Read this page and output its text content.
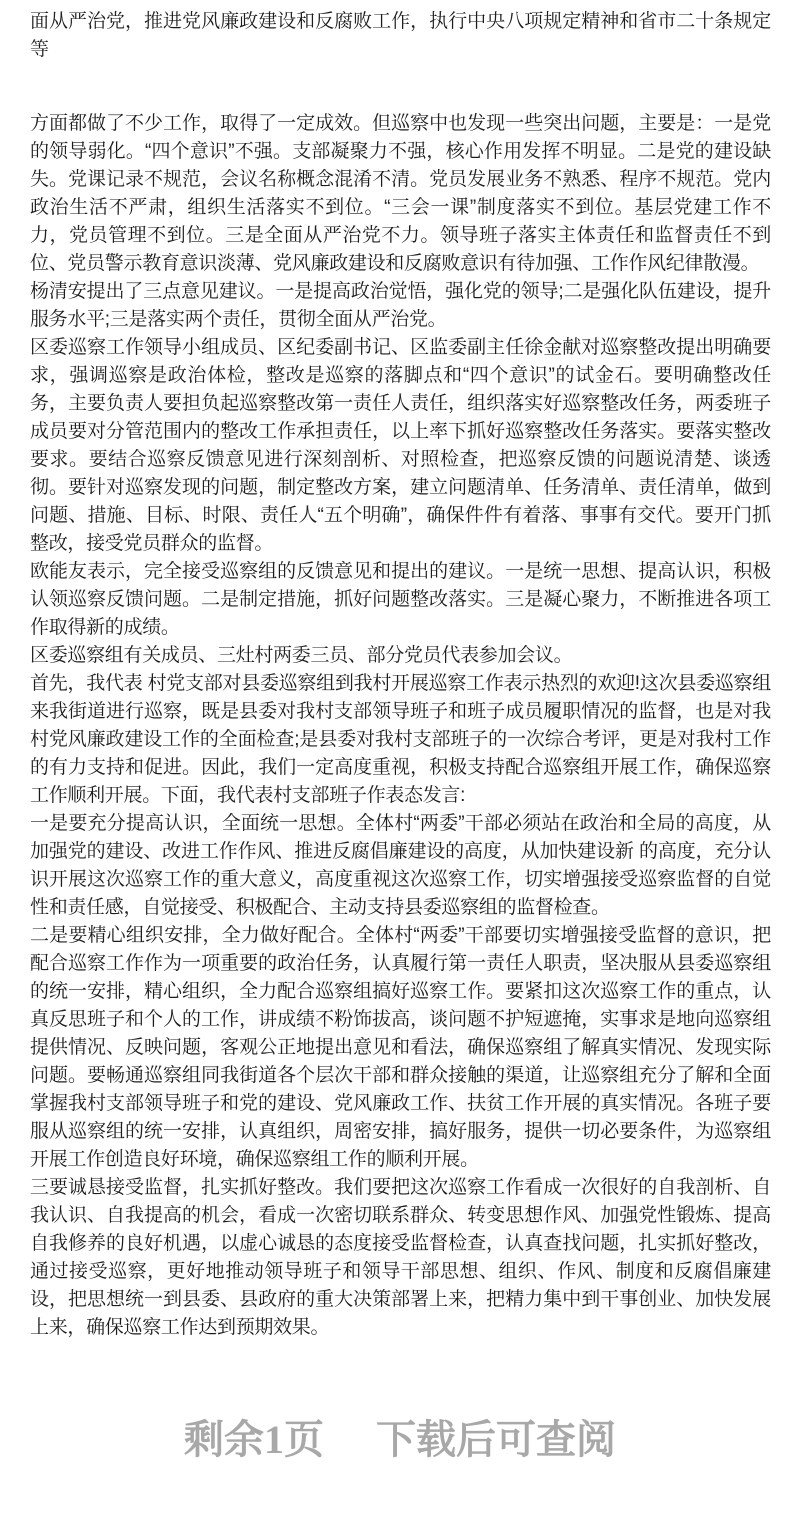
面从严治党，推进党风廉政建设和反腐败工作，执行中央八项规定精神和省市二十条规定等

方面都做了不少工作，取得了一定成效。但巡察中也发现一些突出问题，主要是：一是党的领导弱化。“四个意识”不强。支部凝聚力不强，核心作用发挥不明显。二是党的建设缺失。党课记录不规范，会议名称概念混淆不清。党员发展业务不熟悉、程序不规范。党内政治生活不严肃，组织生活落实不到位。“三会一课”制度落实不到位。基层党建工作不力，党员管理不到位。三是全面从严治党不力。领导班子落实主体责任和监督责任不到位、党员警示教育意识淡薄、党风廉政建设和反腐败意识有待加强、工作作风纪律散漫。

杨清安提出了三点意见建议。一是提高政治觉悟，强化党的领导;二是强化队伍建设，提升服务水平;三是落实两个责任，贯彻全面从严治党。

区委巡察工作领导小组成员、区纪委副书记、区监委副主任徐金献对巡察整改提出明确要求，强调巡察是政治体检，整改是巡察的落脚点和“四个意识”的试金石。要明确整改任务，主要负责人要担负起巡察整改第一责任人责任，组织落实好巡察整改任务，两委班子成员要对分管范围内的整改工作承担责任，以上率下抓好巡察整改任务落实。要落实整改要求。要结合巡察反馈意见进行深刻剖析、对照检查，把巡察反馈的问题说清楚、谈透彻。要针对巡察发现的问题，制定整改方案，建立问题清单、任务清单、责任清单，做到问题、措施、目标、时限、责任人“五个明确”，确保件件有着落、事事有交代。要开门抓整改，接受党员群众的监督。

欧能友表示，完全接受巡察组的反馈意见和提出的建议。一是统一思想、提高认识，积极认领巡察反馈问题。二是制定措施，抓好问题整改落实。三是凝心聚力，不断推进各项工作取得新的成绩。

区委巡察组有关成员、三灶村两委三员、部分党员代表参加会议。

首先，我代表 村党支部对县委巡察组到我村开展巡察工作表示热烈的欢迎!这次县委巡察组来我街道进行巡察，既是县委对我村支部领导班子和班子成员履职情况的监督，也是对我村党风廉政建设工作的全面检查;是县委对我村支部班子的一次综合考评，更是对我村工作的有力支持和促进。因此，我们一定高度重视，积极支持配合巡察组开展工作，确保巡察工作顺利开展。下面，我代表村支部班子作表态发言:

一是要充分提高认识，全面统一思想。全体村“两委”干部必须站在政治和全局的高度，从加强党的建设、改进工作作风、推进反腐倡廉建设的高度，从加快建设新 的高度，充分认识开展这次巡察工作的重大意义，高度重视这次巡察工作，切实增强接受巡察监督的自觉性和责任感，自觉接受、积极配合、主动支持县委巡察组的监督检查。

二是要精心组织安排，全力做好配合。全体村“两委”干部要切实增强接受监督的意识，把配合巡察工作作为一项重要的政治任务，认真履行第一责任人职责，坚决服从县委巡察组的统一安排，精心组织，全力配合巡察组搞好巡察工作。要紧扣这次巡察工作的重点，认真反思班子和个人的工作，讲成绩不粉饰拔高，谈问题不护短遮掩，实事求是地向巡察组提供情况、反映问题，客观公正地提出意见和看法，确保巡察组了解真实情况、发现实际问题。要畅通巡察组同我街道各个层次干部和群众接触的渠道，让巡察组充分了解和全面掌握我村支部领导班子和党的建设、党风廉政工作、扶贫工作开展的真实情况。各班子要服从巡察组的统一安排，认真组织，周密安排，搞好服务，提供一切必要条件，为巡察组开展工作创造良好环境，确保巡察组工作的顺利开展。

三要诚恳接受监督，扎实抓好整改。我们要把这次巡察工作看成一次很好的自我剖析、自我认识、自我提高的机会，看成一次密切联系群众、转变思想作风、加强党性锻炼、提高自我修养的良好机遇，以虚心诚恳的态度接受监督检查，认真查找问题，扎实抓好整改，通过接受巡察，更好地推动领导班子和领导干部思想、组织、作风、制度和反腐倡廉建设，把思想统一到县委、县政府的重大决策部署上来，把精力集中到干事创业、加快发展上来，确保巡察工作达到预期效果。

剩余1页 下载后可查阅
